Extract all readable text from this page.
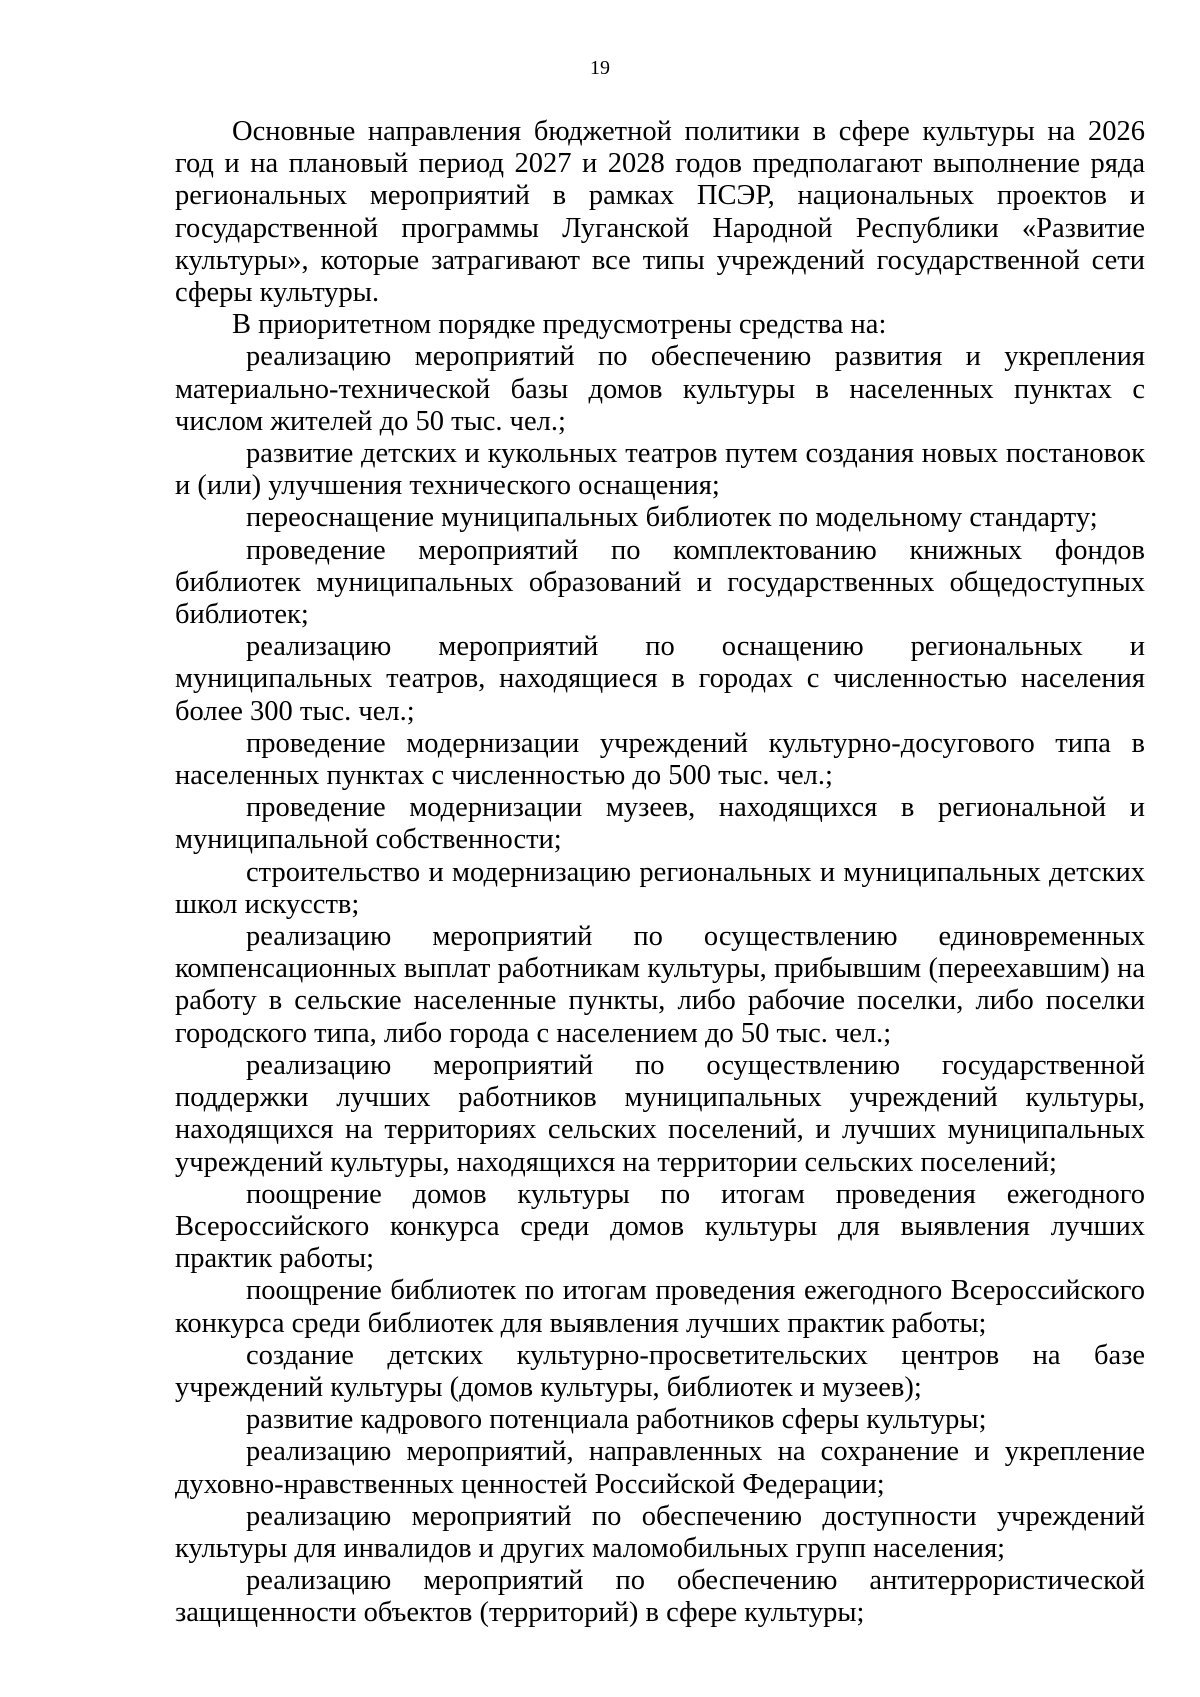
19

Основные направления бюджетной политики в сфере культуры на 2026 год и на плановый период 2027 и 2028 годов предполагают выполнение ряда региональных мероприятий в рамках ПСЭР, национальных проектов и государственной программы Луганской Народной Республики «Развитие культуры», которые затрагивают все типы учреждений государственной сети сферы культуры.

В приоритетном порядке предусмотрены средства на:

реализацию мероприятий по обеспечению развития и укрепления материально-технической базы домов культуры в населенных пунктах с числом жителей до 50 тыс. чел.;

развитие детских и кукольных театров путем создания новых постановок и (или) улучшения технического оснащения;

переоснащение муниципальных библиотек по модельному стандарту;

проведение мероприятий по комплектованию книжных фондов библиотек муниципальных образований и государственных общедоступных библиотек;

реализацию мероприятий по оснащению региональных и муниципальных театров, находящиеся в городах с численностью населения более 300 тыс. чел.;

проведение модернизации учреждений культурно-досугового типа в населенных пунктах с численностью до 500 тыс. чел.;

проведение модернизации музеев, находящихся в региональной и муниципальной собственности;

строительство и модернизацию региональных и муниципальных детских школ искусств;

реализацию мероприятий по осуществлению единовременных компенсационных выплат работникам культуры, прибывшим (переехавшим) на работу в сельские населенные пункты, либо рабочие поселки, либо поселки городского типа, либо города с населением до 50 тыс. чел.;

реализацию мероприятий по осуществлению государственной поддержки лучших работников муниципальных учреждений культуры, находящихся на территориях сельских поселений, и лучших муниципальных учреждений культуры, находящихся на территории сельских поселений;

поощрение домов культуры по итогам проведения ежегодного Всероссийского конкурса среди домов культуры для выявления лучших практик работы;

поощрение библиотек по итогам проведения ежегодного Всероссийского конкурса среди библиотек для выявления лучших практик работы;

создание детских культурно-просветительских центров на базе учреждений культуры (домов культуры, библиотек и музеев);

развитие кадрового потенциала работников сферы культуры;

реализацию мероприятий, направленных на сохранение и укрепление духовно-нравственных ценностей Российской Федерации;

реализацию мероприятий по обеспечению доступности учреждений культуры для инвалидов и других маломобильных групп населения;

реализацию мероприятий по обеспечению антитеррористической защищенности объектов (территорий) в сфере культуры;
